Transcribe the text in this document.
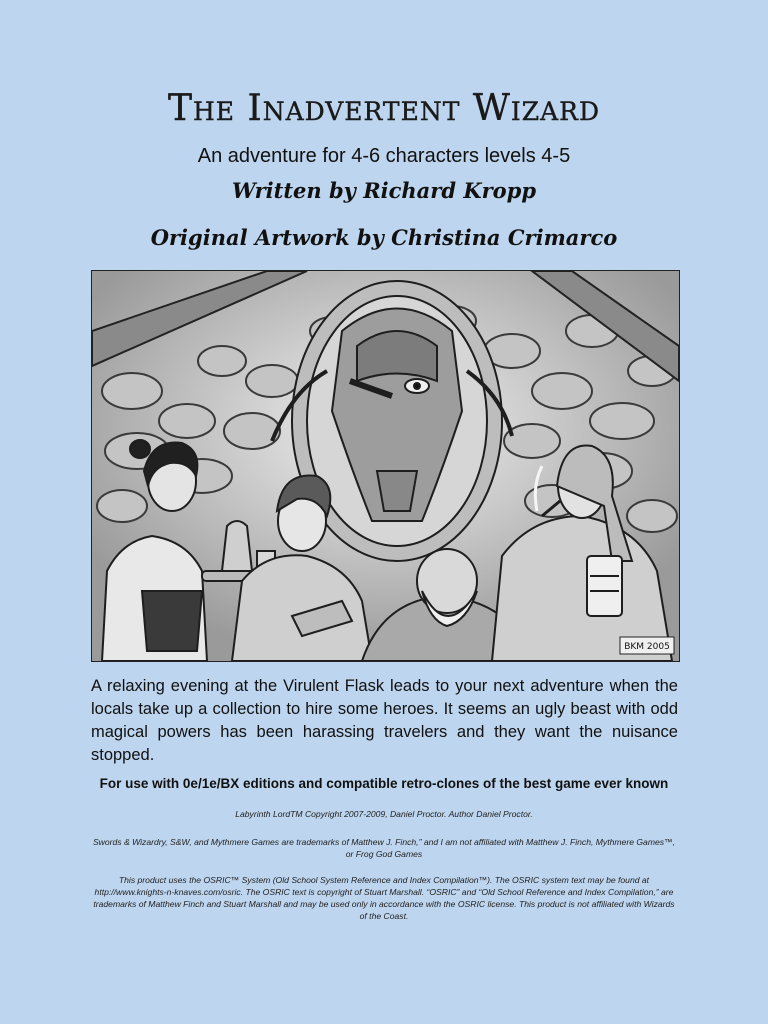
The Inadvertent Wizard
An adventure for 4-6 characters levels 4-5
Written by Richard Kropp
Original Artwork by Christina Crimarco
BKM 2005
A relaxing evening at the Virulent Flask leads to your next adventure when the locals take up a collection to hire some heroes. It seems an ugly beast with odd magical powers has been harassing travelers and they want the nuisance stopped.
For use with 0e/1e/BX editions and compatible retro-clones of the best game ever known
Labyrinth LordTM Copyright 2007-2009, Daniel Proctor. Author Daniel Proctor.
Swords & Wizardry, S&W, and Mythmere Games are trademarks of Matthew J. Finch,” and I am not affiliated with Matthew J. Finch, Mythmere Games™, or Frog God Games
This product uses the OSRIC™ System (Old School System Reference and Index Compilation™). The OSRIC system text may be found at http://www.knights-n-knaves.com/osric. The OSRIC text is copyright of Stuart Marshall. “OSRIC” and “Old School Reference and Index Compilation,” are trademarks of Matthew Finch and Stuart Marshall and may be used only in accordance with the OSRIC license. This product is not affiliated with Wizards of the Coast.
